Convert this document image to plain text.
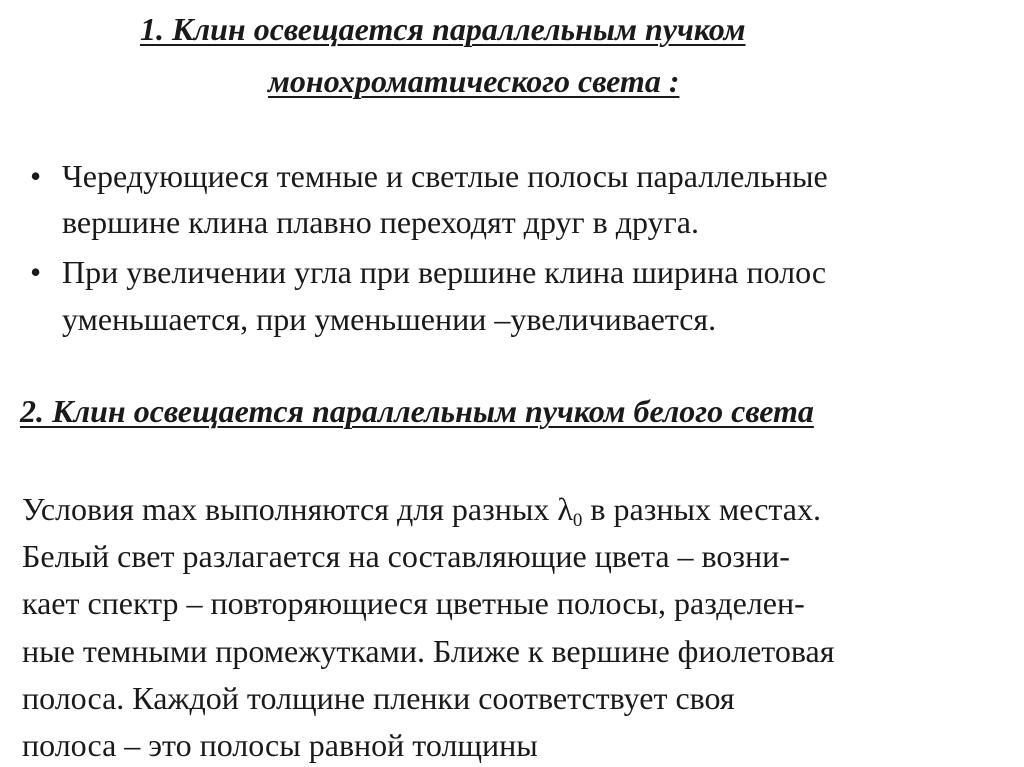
1. Клин освещается параллельным пучком
монохроматического света :
• Чередующиеся темные и светлые полосы параллельные
вершине клина плавно переходят друг в друга.
• При увеличении угла при вершине клина ширина полос
уменьшается, при уменьшении –увеличивается.
2. Клин освещается параллельным пучком белого света
Условия max выполняются для разных $\lambda_0$ в разных местах.
Белый свет разлагается на составляющие цвета – возни-
кает спектр – повторяющиеся цветные полосы, разделен-
ные темными промежутками. Ближе к вершине фиолетовая
полоса. Каждой толщине пленки соответствует своя
полоса – это полосы равной толщины
